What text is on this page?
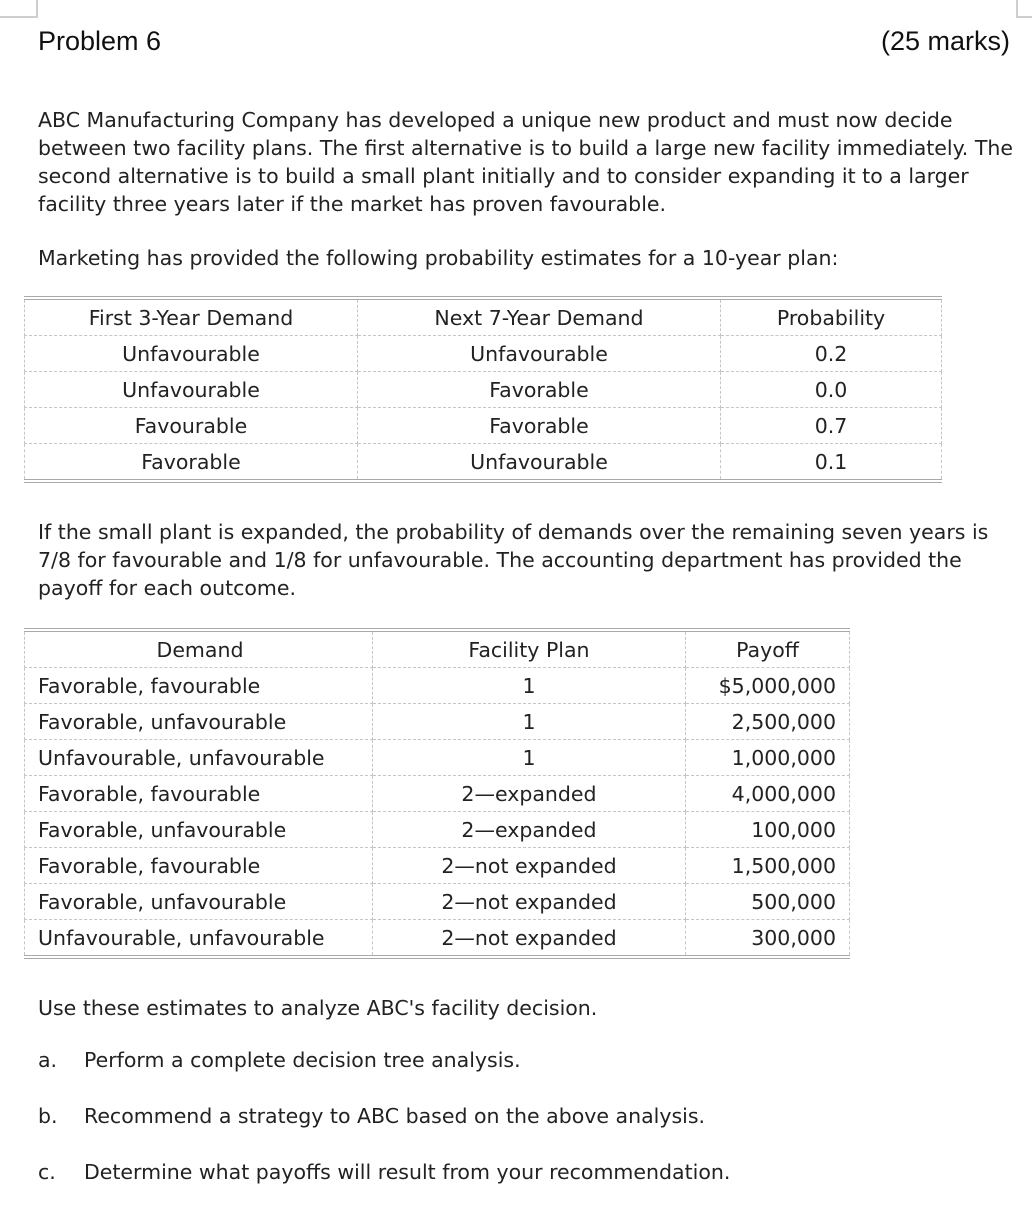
Problem 6	(25 marks)
ABC Manufacturing Company has developed a unique new product and must now decide between two facility plans. The first alternative is to build a large new facility immediately. The second alternative is to build a small plant initially and to consider expanding it to a larger facility three years later if the market has proven favourable.
Marketing has provided the following probability estimates for a 10-year plan:
First 3-Year Demand	Next 7-Year Demand	Probability
Unfavourable	Unfavourable	0.2
Unfavourable	Favorable	0.0
Favourable	Favorable	0.7
Favorable	Unfavourable	0.1
If the small plant is expanded, the probability of demands over the remaining seven years is 7/8 for favourable and 1/8 for unfavourable. The accounting department has provided the payoff for each outcome.
Demand	Facility Plan	Payoff
Favorable, favourable	1	$5,000,000
Favorable, unfavourable	1	2,500,000
Unfavourable, unfavourable	1	1,000,000
Favorable, favourable	2—expanded	4,000,000
Favorable, unfavourable	2—expanded	100,000
Favorable, favourable	2—not expanded	1,500,000
Favorable, unfavourable	2—not expanded	500,000
Unfavourable, unfavourable	2—not expanded	300,000
Use these estimates to analyze ABC's facility decision.
a. Perform a complete decision tree analysis.
b. Recommend a strategy to ABC based on the above analysis.
c. Determine what payoffs will result from your recommendation.
